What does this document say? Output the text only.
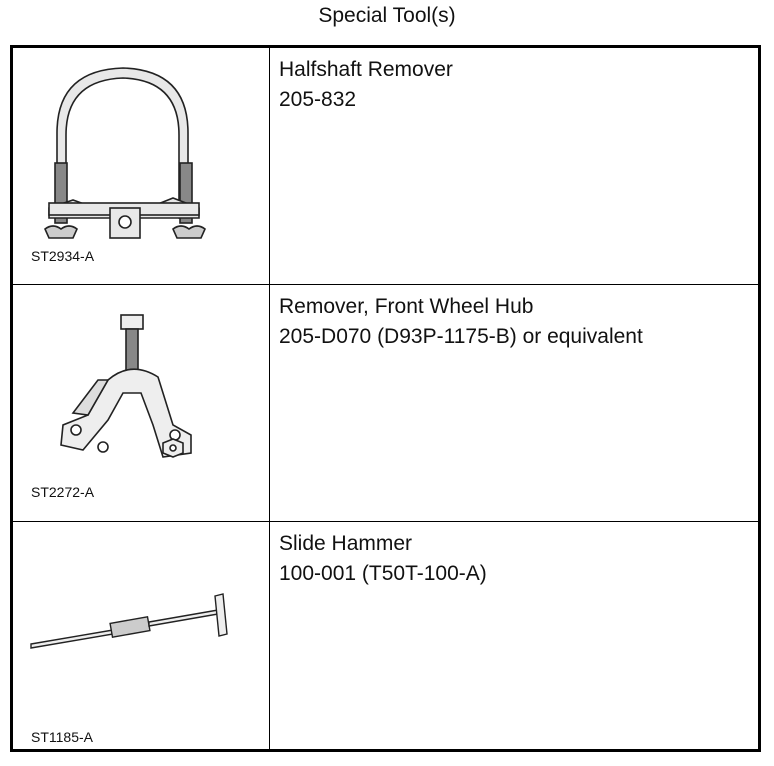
Special Tool(s)
ST2934-A
Halfshaft Remover
205-832
ST2272-A
Remover, Front Wheel Hub
205-D070 (D93P-1175-B) or equivalent
ST1185-A
Slide Hammer
100-001 (T50T-100-A)
